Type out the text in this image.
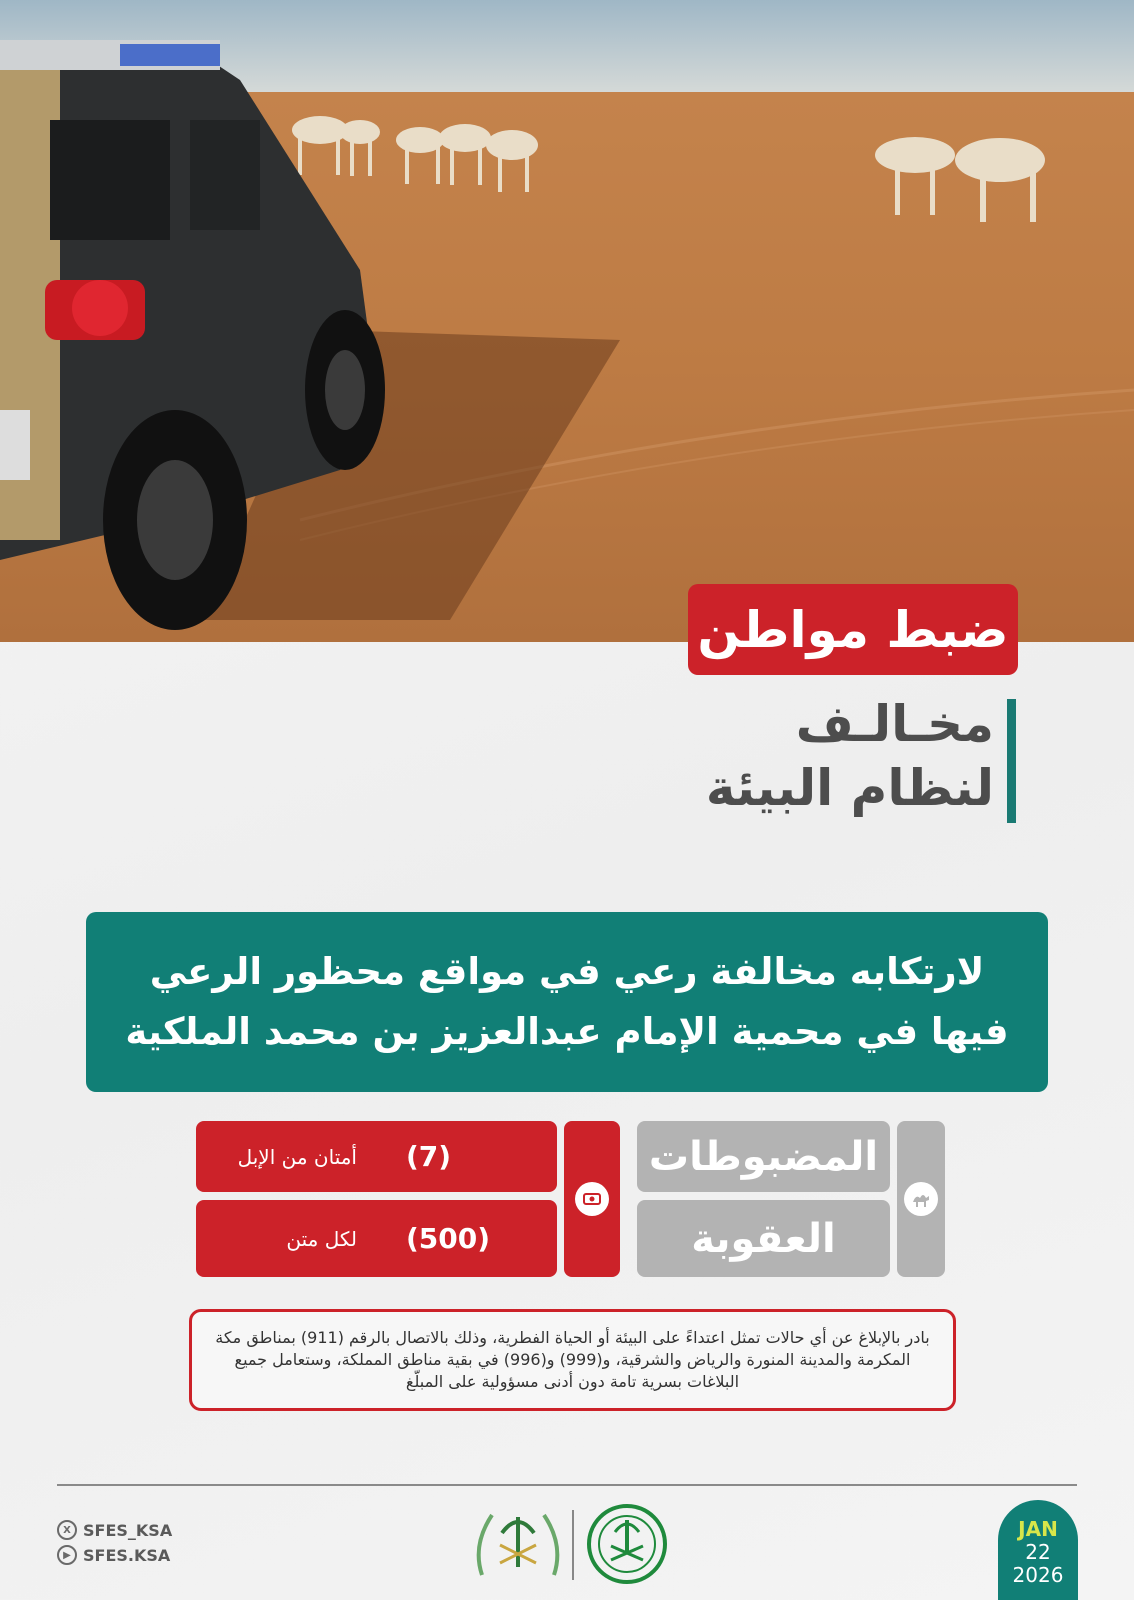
ضبط مواطن
مخـالـف
لنظام البيئة
لارتكابه مخالفة رعي في مواقع محظور الرعي
فيها في محمية الإمام عبدالعزيز بن محمد الملكية
المضبوطات
العقوبة
أمتان من الإبل (7)
لكل متن (500)
بادر بالإبلاغ عن أي حالات تمثل اعتداءً على البيئة أو الحياة الفطرية، وذلك بالاتصال بالرقم (911) بمناطق مكة المكرمة والمدينة المنورة والرياض والشرقية، و(999) و(996) في بقية مناطق المملكة، وستعامل جميع البلاغات بسرية تامة دون أدنى مسؤولية على المبلّغ
X SFES_KSA
▶ SFES.KSA
JAN
22
2026
